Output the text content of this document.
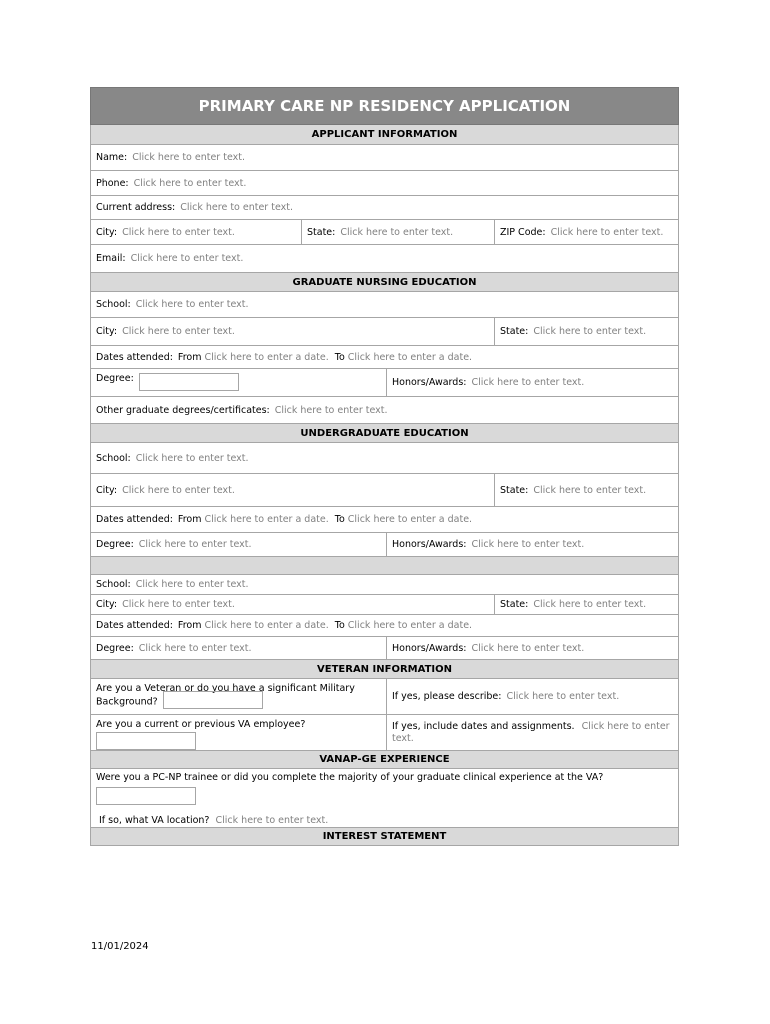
PRIMARY CARE NP RESIDENCY APPLICATION
APPLICANT INFORMATION
Name: Click here to enter text.
Phone: Click here to enter text.
Current address: Click here to enter text.
City: Click here to enter text.	State: Click here to enter text.	ZIP Code: Click here to enter text.
Email: Click here to enter text.
GRADUATE NURSING EDUCATION
School: Click here to enter text.
City: Click here to enter text.	State: Click here to enter text.
Dates attended: From Click here to enter a date. To Click here to enter a date.
Degree:	Honors/Awards: Click here to enter text.
Other graduate degrees/certificates: Click here to enter text.
UNDERGRADUATE EDUCATION
School: Click here to enter text.
City: Click here to enter text.	State: Click here to enter text.
Dates attended: From Click here to enter a date. To Click here to enter a date.
Degree: Click here to enter text.	Honors/Awards: Click here to enter text.
School: Click here to enter text.
City: Click here to enter text.	State: Click here to enter text.
Dates attended: From Click here to enter a date. To Click here to enter a date.
Degree: Click here to enter text.	Honors/Awards: Click here to enter text.
VETERAN INFORMATION
Are you a Veteran or do you have a significant Military Background?	If yes, please describe: Click here to enter text.
Are you a current or previous VA employee?	If yes, include dates and assignments. Click here to enter text.
VANAP-GE EXPERIENCE
Were you a PC-NP trainee or did you complete the majority of your graduate clinical experience at the VA?
If so, what VA location? Click here to enter text.
INTEREST STATEMENT
11/01/2024
